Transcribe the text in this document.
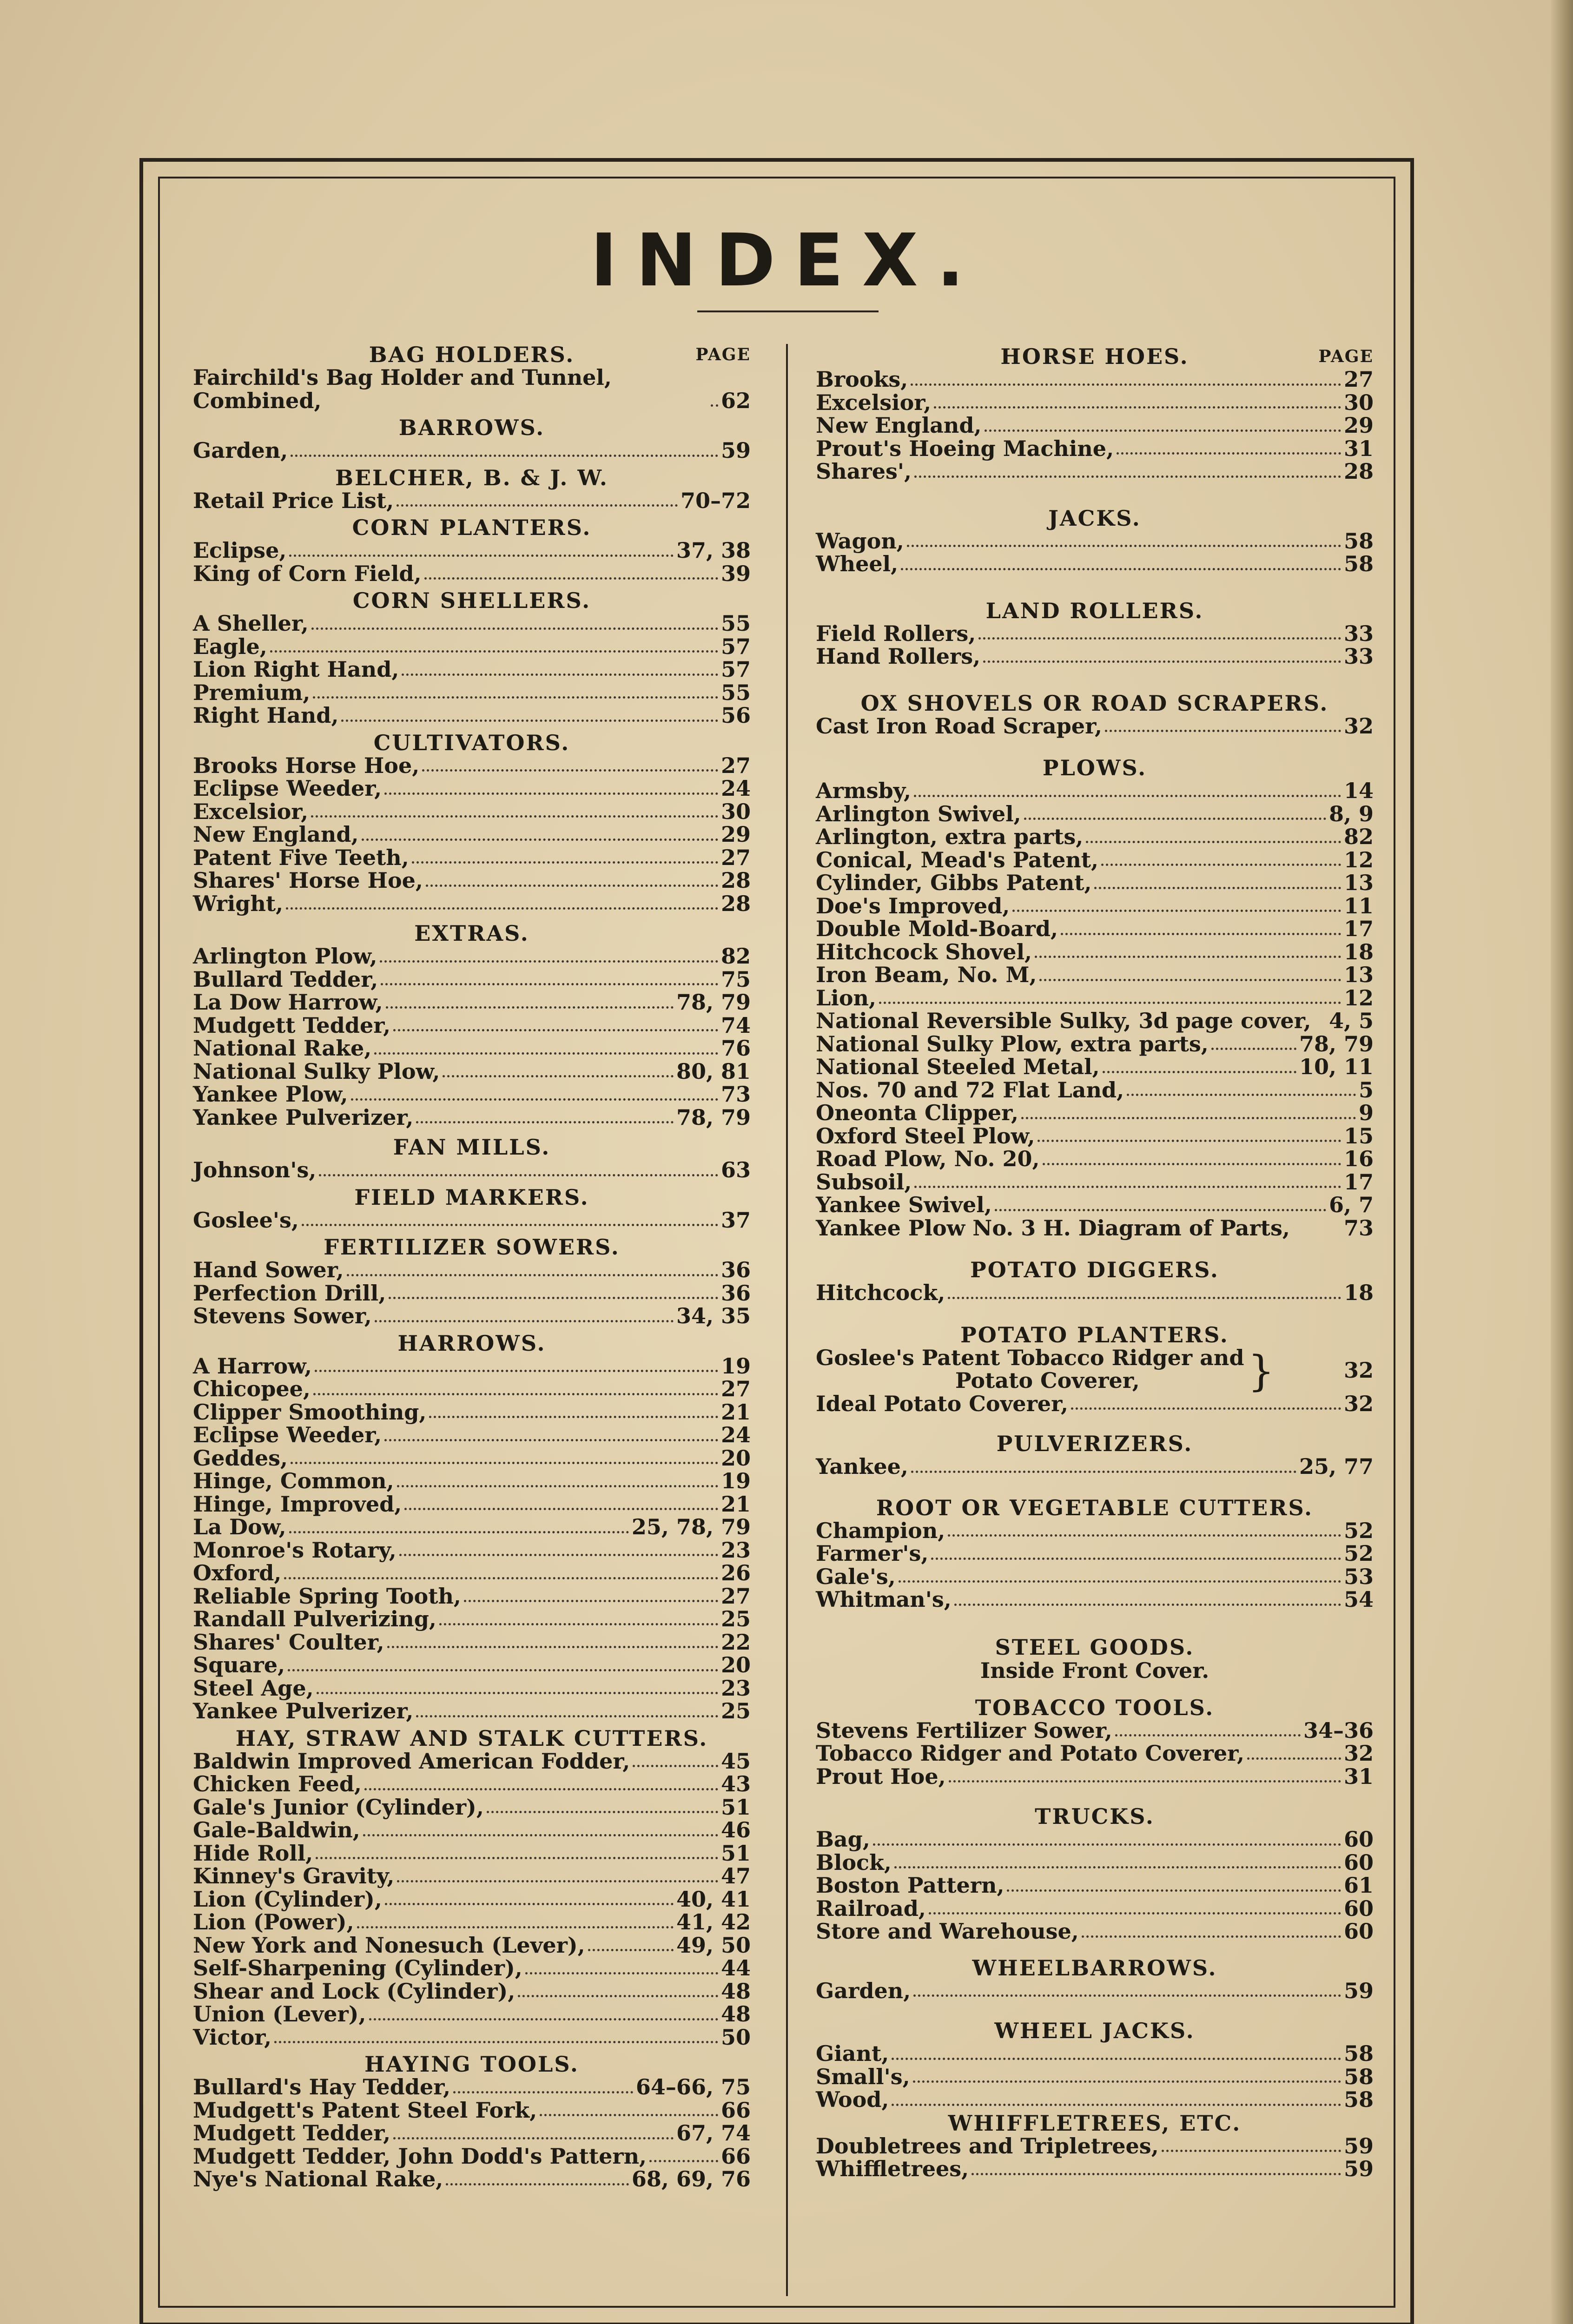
INDEX.
BAG HOLDERS.	PAGE
Fairchild's Bag Holder and Tunnel, Combined,	62
BARROWS.
Garden,	59
BELCHER, B. & J. W.
Retail Price List,	70–72
CORN PLANTERS.
Eclipse,	37, 38
King of Corn Field,	39
CORN SHELLERS.
A Sheller,	55
Eagle,	57
Lion Right Hand,	57
Premium,	55
Right Hand,	56
CULTIVATORS.
Brooks Horse Hoe,	27
Eclipse Weeder,	24
Excelsior,	30
New England,	29
Patent Five Teeth,	27
Shares' Horse Hoe,	28
Wright,	28
EXTRAS.
Arlington Plow,	82
Bullard Tedder,	75
La Dow Harrow,	78, 79
Mudgett Tedder,	74
National Rake,	76
National Sulky Plow,	80, 81
Yankee Plow,	73
Yankee Pulverizer,	78, 79
FAN MILLS.
Johnson's,	63
FIELD MARKERS.
Goslee's,	37
FERTILIZER SOWERS.
Hand Sower,	36
Perfection Drill,	36
Stevens Sower,	34, 35
HARROWS.
A Harrow,	19
Chicopee,	27
Clipper Smoothing,	21
Eclipse Weeder,	24
Geddes,	20
Hinge, Common,	19
Hinge, Improved,	21
La Dow,	25, 78, 79
Monroe's Rotary,	23
Oxford,	26
Reliable Spring Tooth,	27
Randall Pulverizing,	25
Shares' Coulter,	22
Square,	20
Steel Age,	23
Yankee Pulverizer,	25
HAY, STRAW AND STALK CUTTERS.
Baldwin Improved American Fodder,	45
Chicken Feed,	43
Gale's Junior (Cylinder),	51
Gale-Baldwin,	46
Hide Roll,	51
Kinney's Gravity,	47
Lion (Cylinder),	40, 41
Lion (Power),	41, 42
New York and Nonesuch (Lever),	49, 50
Self-Sharpening (Cylinder),	44
Shear and Lock (Cylinder),	48
Union (Lever),	48
Victor,	50
HAYING TOOLS.
Bullard's Hay Tedder,	64–66, 75
Mudgett's Patent Steel Fork,	66
Mudgett Tedder,	67, 74
Mudgett Tedder, John Dodd's Pattern,	66
Nye's National Rake,	68, 69, 76
HORSE HOES.	PAGE
Brooks,	27
Excelsior,	30
New England,	29
Prout's Hoeing Machine,	31
Shares',	28
JACKS.
Wagon,	58
Wheel,	58
LAND ROLLERS.
Field Rollers,	33
Hand Rollers,	33
OX SHOVELS OR ROAD SCRAPERS.
Cast Iron Road Scraper,	32
PLOWS.
Armsby,	14
Arlington Swivel,	8, 9
Arlington, extra parts,	82
Conical, Mead's Patent,	12
Cylinder, Gibbs Patent,	13
Doe's Improved,	11
Double Mold-Board,	17
Hitchcock Shovel,	18
Iron Beam, No. M,	13
Lion,	12
National Reversible Sulky, 3d page cover, 4, 5
National Sulky Plow, extra parts,	78, 79
National Steeled Metal,	10, 11
Nos. 70 and 72 Flat Land,	5
Oneonta Clipper,	9
Oxford Steel Plow,	15
Road Plow, No. 20,	16
Subsoil,	17
Yankee Swivel,	6, 7
Yankee Plow No. 3 H. Diagram of Parts,	73
POTATO DIGGERS.
Hitchcock,	18
POTATO PLANTERS.
Goslee's Patent Tobacco Ridger and
Potato Coverer,	}	32
Ideal Potato Coverer,	32
PULVERIZERS.
Yankee,	25, 77
ROOT OR VEGETABLE CUTTERS.
Champion,	52
Farmer's,	52
Gale's,	53
Whitman's,	54
STEEL GOODS.
Inside Front Cover.
TOBACCO TOOLS.
Stevens Fertilizer Sower,	34–36
Tobacco Ridger and Potato Coverer,	32
Prout Hoe,	31
TRUCKS.
Bag,	60
Block,	60
Boston Pattern,	61
Railroad,	60
Store and Warehouse,	60
WHEELBARROWS.
Garden,	59
WHEEL JACKS.
Giant,	58
Small's,	58
Wood,	58
WHIFFLETREES, ETC.
Doubletrees and Tripletrees,	59
Whiffletrees,	59
